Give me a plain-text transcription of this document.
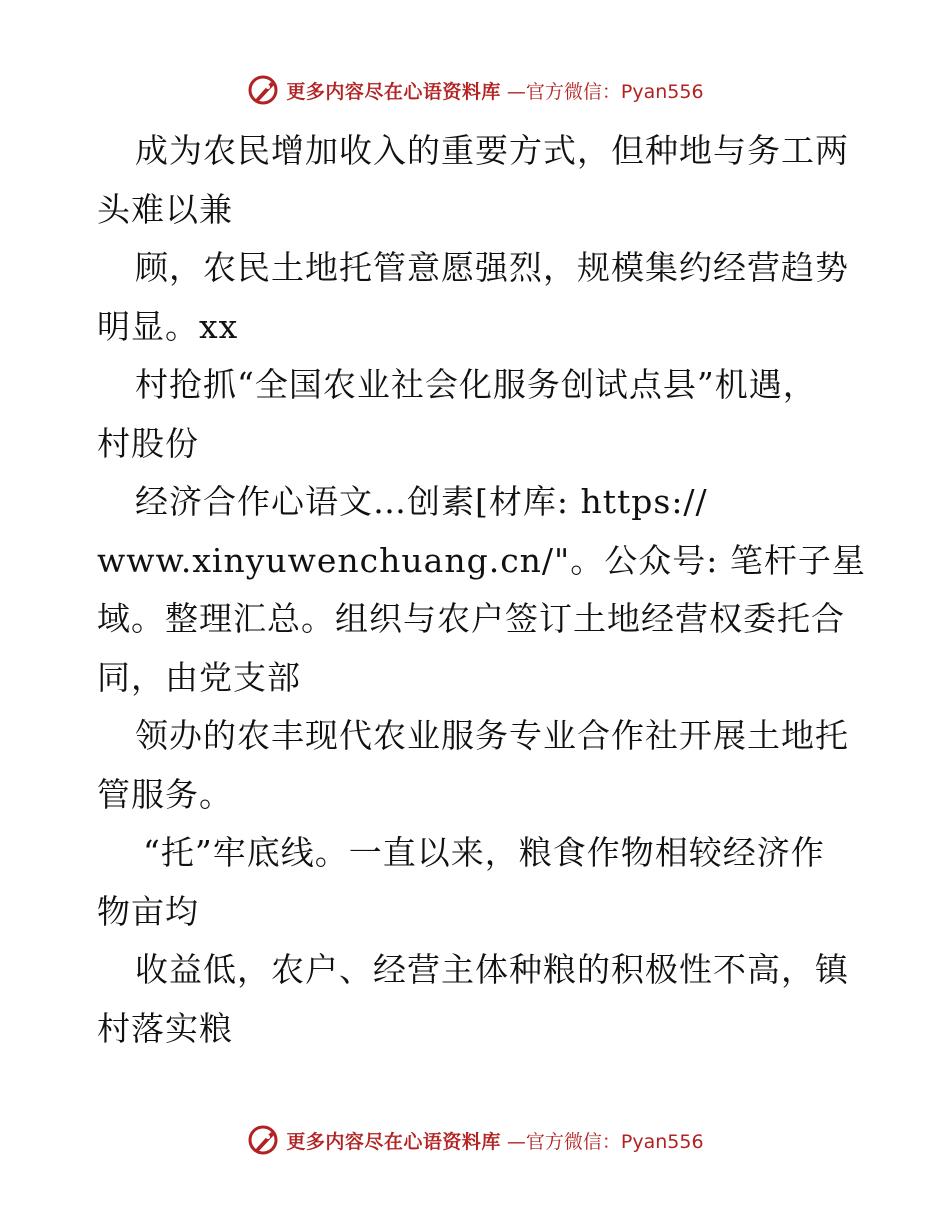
更多内容尽在心语资料库 —官方微信：Pyan556
成为农民增加收入的重要方式，但种地与务工两
头难以兼
顾，农民土地托管意愿强烈，规模集约经营趋势
明显。xx
村抢抓“全国农业社会化服务创试点县”机遇，
村股份
经济合作心语文…创素[材库: https://
www.xinyuwenchuang.cn/"。公众号: 笔杆子星
域。整理汇总。组织与农户签订土地经营权委托合
同，由党支部
领办的农丰现代农业服务专业合作社开展土地托
管服务。
“托”牢底线。一直以来，粮食作物相较经济作
物亩均
收益低，农户、经营主体种粮的积极性不高，镇
村落实粮
更多内容尽在心语资料库 —官方微信：Pyan556
